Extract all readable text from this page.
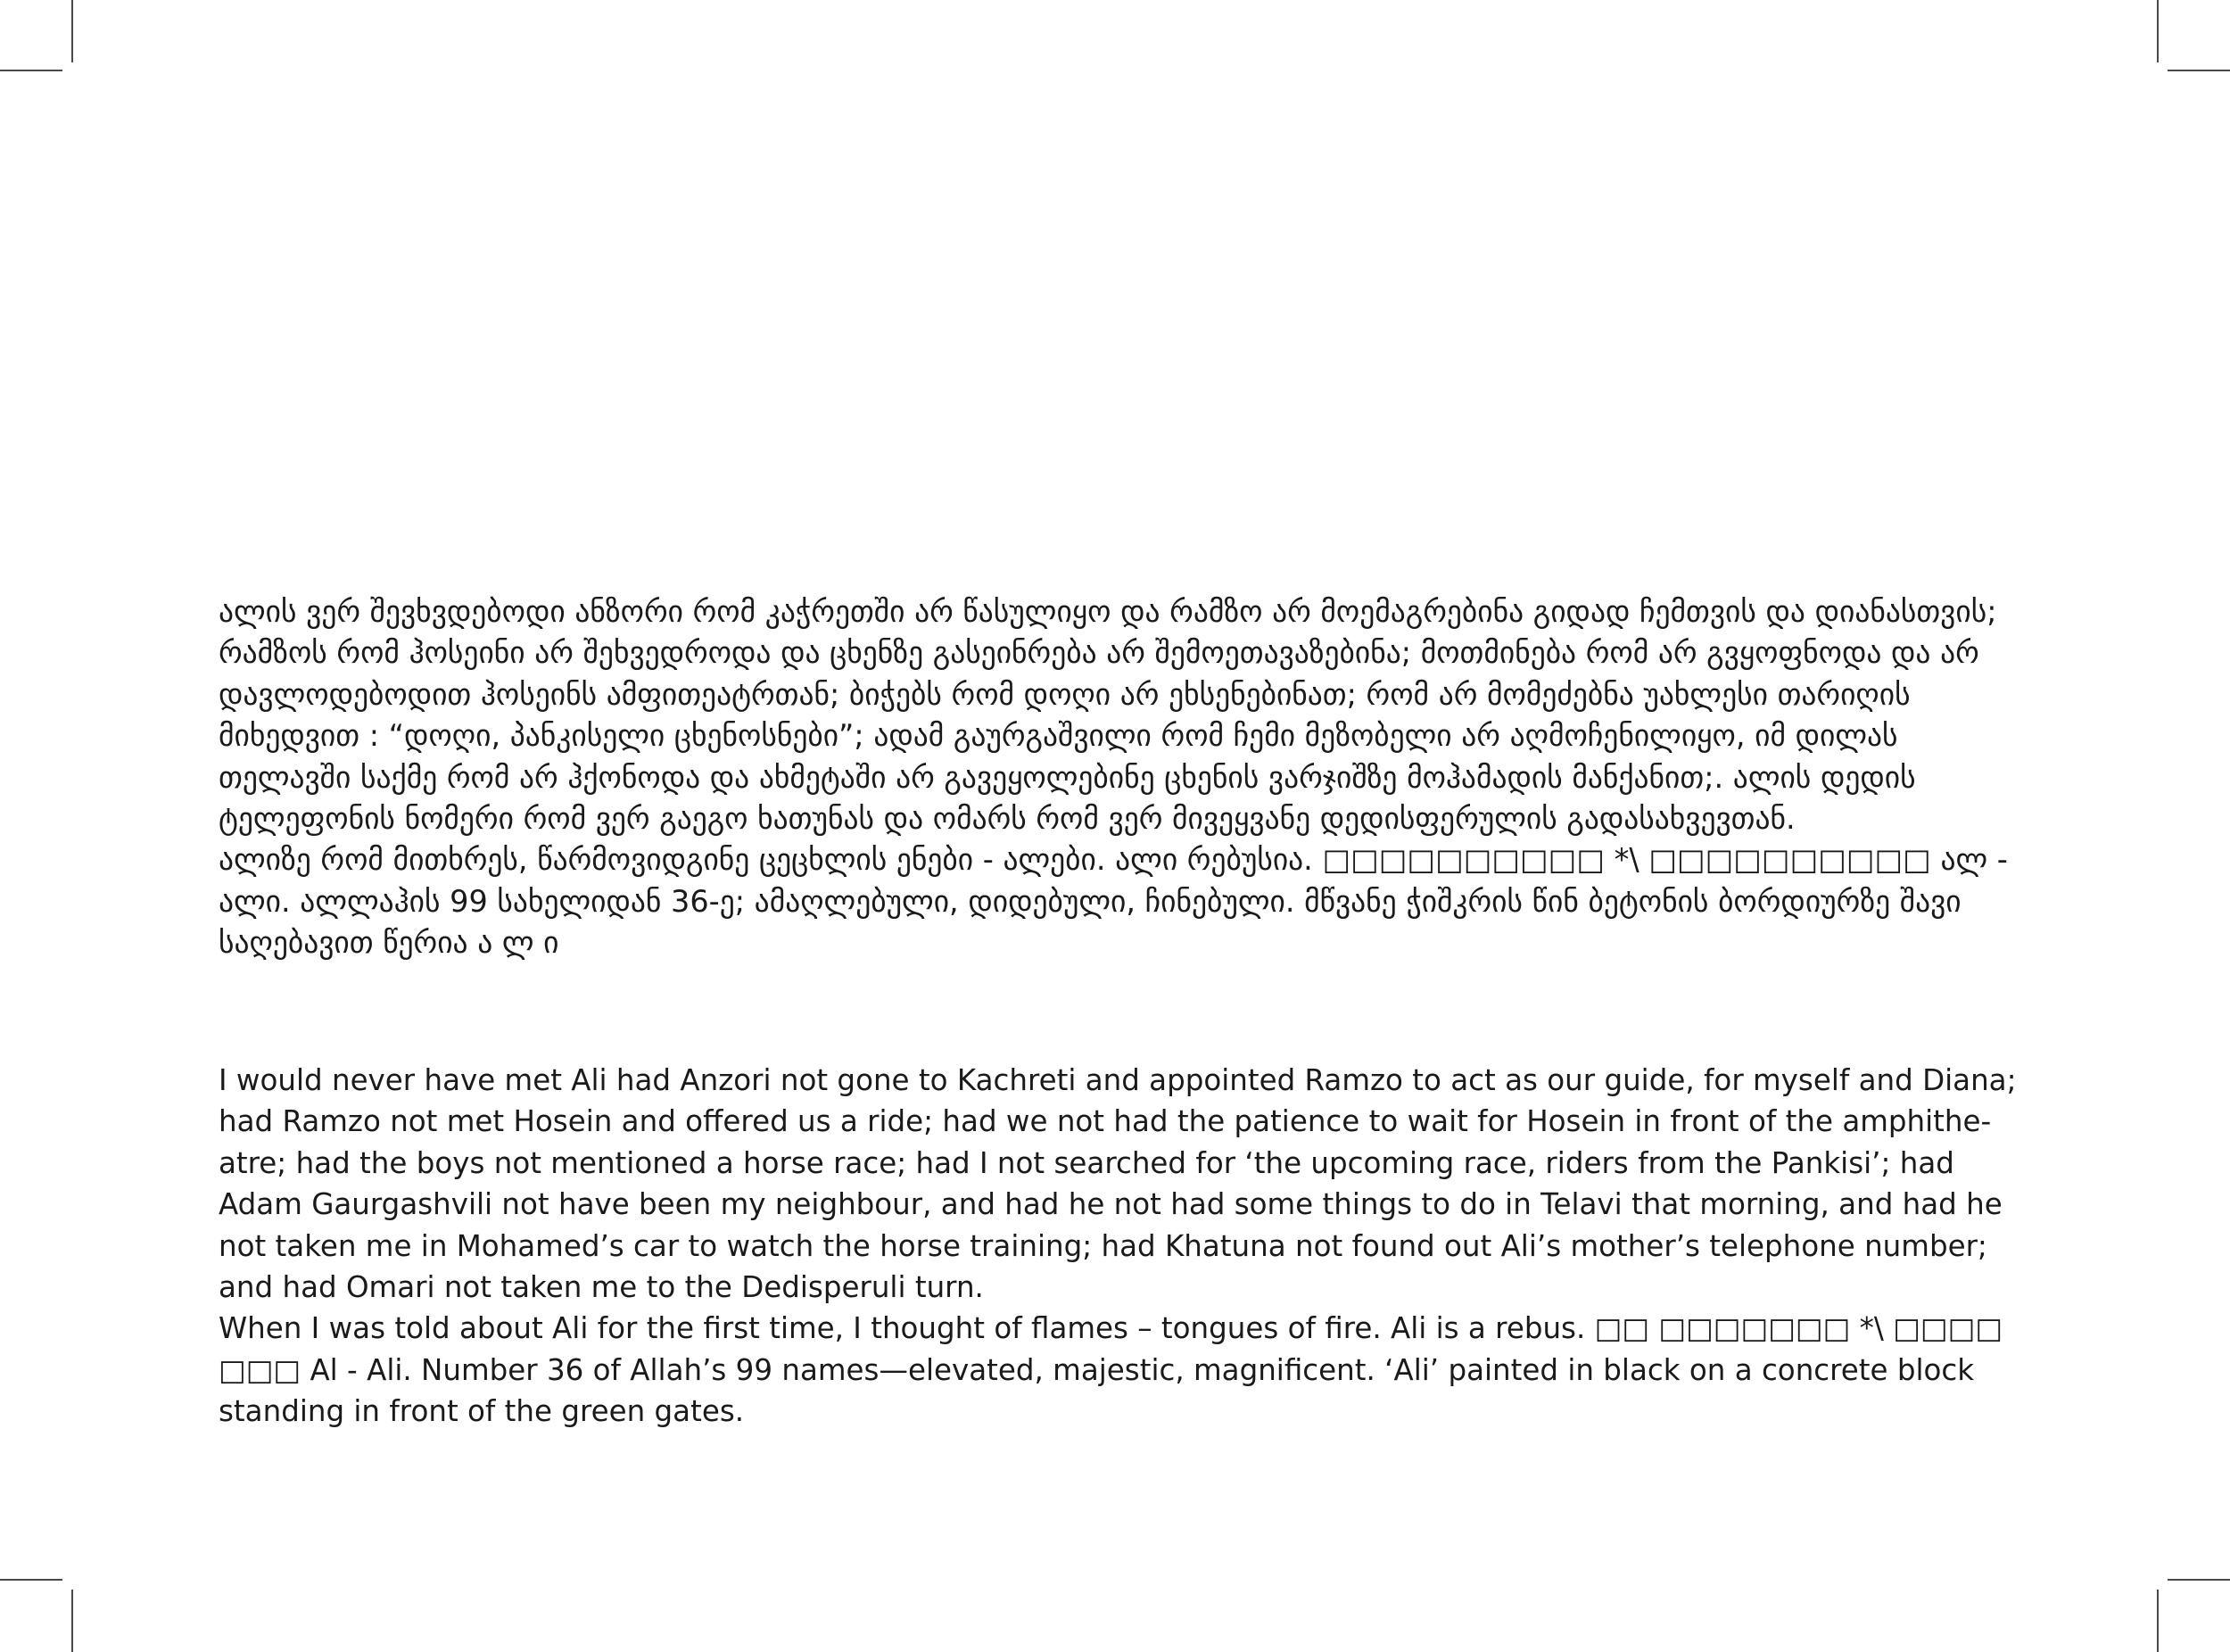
ალის ვერ შევხვდებოდი ანზორი რომ კაჭრეთში არ წასულიყო და რამზო არ მოემაგრებინა გიდად ჩემთვის და დიანასთვის; რამზოს რომ ჰოსეინი არ შეხვედროდა და ცხენზე გასეინრება არ შემოეთავაზებინა; მოთმინება რომ არ გვყოფნოდა და არ დავლოდებოდით ჰოსეინს ამფითეატრთან; ბიჭებს რომ დოღი არ ეხსენებინათ; რომ არ მომეძებნა უახლესი თარიღის მიხედვით : “დოღი, პანკისელი ცხენოსნები”; ადამ გაურგაშვილი რომ ჩემი მეზობელი არ აღმოჩენილიყო, იმ დილას თელავში საქმე რომ არ ჰქონოდა და ახმეტაში არ გავეყოლებინე ცხენის ვარჯიშზე მოჰამადის მანქანით;. ალის დედის ტელეფონის ნომერი რომ ვერ გაეგო ხათუნას და ომარს რომ ვერ მივეყვანე დედისფერულის გადასახვევთან.

ალიზე რომ მითხრეს, წარმოვიდგინე ცეცხლის ენები - ალები. ალი რებუსია. □□□□□□□□□□ *\ □□□□□□□□□□ ალ - ალი. ალლაჰის 99 სახელიდან 36-ე; ამაღლებული, დიდებული, ჩინებული. მწვანე ჭიშკრის წინ ბეტონის ბორდიურზე შავი საღებავით წერია ა ლ ი

I would never have met Ali had Anzori not gone to Kachreti and appointed Ramzo to act as our guide, for myself and Diana; had Ramzo not met Hosein and offered us a ride; had we not had the patience to wait for Hosein in front of the amphithe-atre; had the boys not mentioned a horse race; had I not searched for ‘the upcoming race, riders from the Pankisi’; had Adam Gaurgashvili not have been my neighbour, and had he not had some things to do in Telavi that morning, and had he not taken me in Mohamed’s car to watch the horse training; had Khatuna not found out Ali’s mother’s telephone number; and had Omari not taken me to the Dedisperuli turn.

When I was told about Ali for the first time, I thought of flames – tongues of fire. Ali is a rebus. □□ □□□□□□□ *\ □□□□ □□□ Al - Ali. Number 36 of Allah’s 99 names—elevated, majestic, magnificent. ‘Ali’ painted in black on a concrete block standing in front of the green gates.
